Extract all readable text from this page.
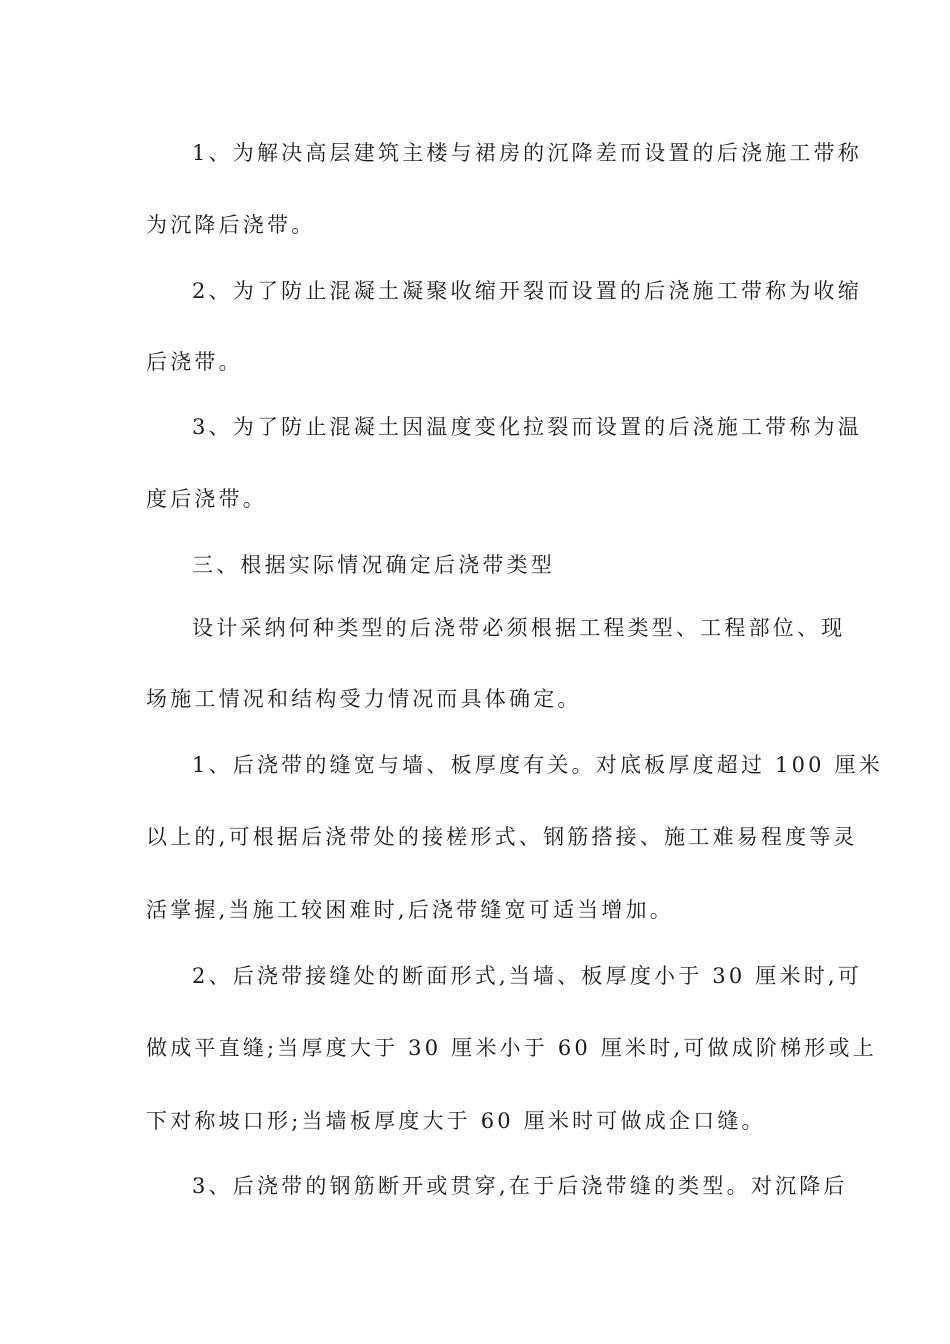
1、为解决高层建筑主楼与裙房的沉降差而设置的后浇施工带称
为沉降后浇带。
2、为了防止混凝土凝聚收缩开裂而设置的后浇施工带称为收缩
后浇带。
3、为了防止混凝土因温度变化拉裂而设置的后浇施工带称为温
度后浇带。
三、根据实际情况确定后浇带类型
设计采纳何种类型的后浇带必须根据工程类型、工程部位、现
场施工情况和结构受力情况而具体确定。
1、后浇带的缝宽与墙、板厚度有关。对底板厚度超过 100 厘米
以上的,可根据后浇带处的接槎形式、钢筋搭接、施工难易程度等灵
活掌握,当施工较困难时,后浇带缝宽可适当增加。
2、后浇带接缝处的断面形式,当墙、板厚度小于 30 厘米时,可
做成平直缝;当厚度大于 30 厘米小于 60 厘米时,可做成阶梯形或上
下对称坡口形;当墙板厚度大于 60 厘米时可做成企口缝。
3、后浇带的钢筋断开或贯穿,在于后浇带缝的类型。对沉降后
